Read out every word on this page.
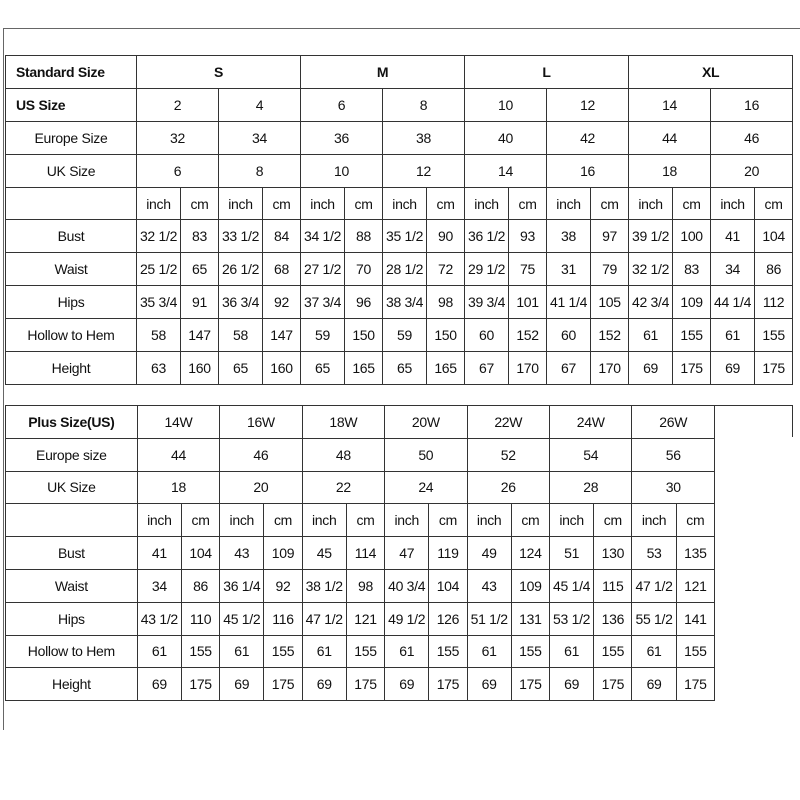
Standard Size	S				M				L				XL			
US Size	2		4		6		8		10		12		14		16	
Europe Size	32		34		36		38		40		42		44		46	
UK Size	6		8		10		12		14		16		18		20	
	inch	cm	inch	cm	inch	cm	inch	cm	inch	cm	inch	cm	inch	cm	inch	cm
Bust	32 1/2	83	33 1/2	84	34 1/2	88	35 1/2	90	36 1/2	93	38	97	39 1/2	100	41	104
Waist	25 1/2	65	26 1/2	68	27 1/2	70	28 1/2	72	29 1/2	75	31	79	32 1/2	83	34	86
Hips	35 3/4	91	36 3/4	92	37 3/4	96	38 3/4	98	39 3/4	101	41 1/4	105	42 3/4	109	44 1/4	112
Hollow to Hem	58	147	58	147	59	150	59	150	60	152	60	152	61	155	61	155
Height	63	160	65	160	65	165	65	165	67	170	67	170	69	175	69	175
Plus Size(US)	14W		16W		18W		20W		22W		24W		26W	
Europe size	44		46		48		50		52		54		56	
UK Size	18		20		22		24		26		28		30	
	inch	cm	inch	cm	inch	cm	inch	cm	inch	cm	inch	cm	inch	cm
Bust	41	104	43	109	45	114	47	119	49	124	51	130	53	135
Waist	34	86	36 1/4	92	38 1/2	98	40 3/4	104	43	109	45 1/4	115	47 1/2	121
Hips	43 1/2	110	45 1/2	116	47 1/2	121	49 1/2	126	51 1/2	131	53 1/2	136	55 1/2	141
Hollow to Hem	61	155	61	155	61	155	61	155	61	155	61	155	61	155
Height	69	175	69	175	69	175	69	175	69	175	69	175	69	175
